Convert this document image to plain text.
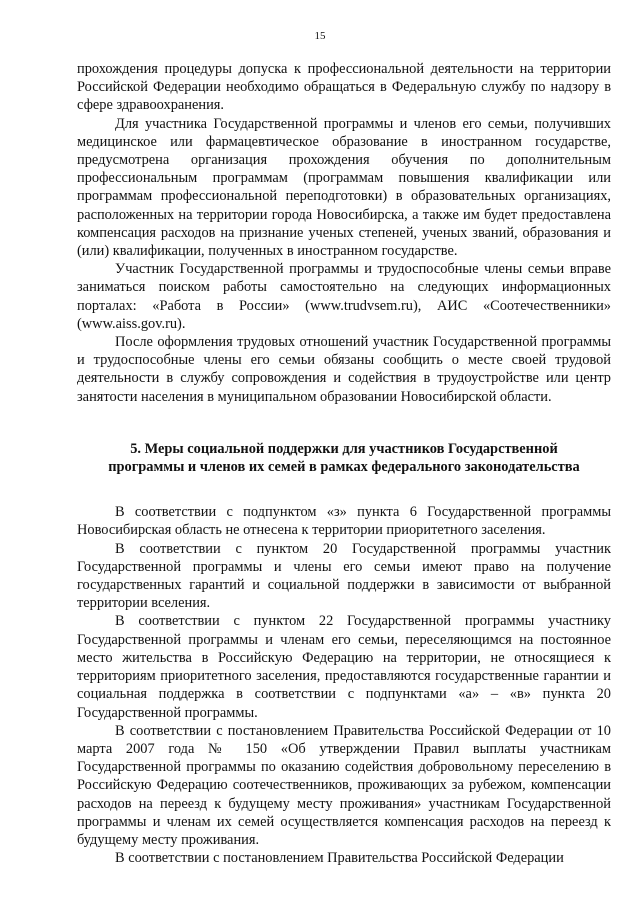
15

прохождения процедуры допуска к профессиональной деятельности на территории Российской Федерации необходимо обращаться в Федеральную службу по надзору в сфере здравоохранения.

Для участника Государственной программы и членов его семьи, получивших медицинское или фармацевтическое образование в иностранном государстве, предусмотрена организация прохождения обучения по дополнительным профессиональным программам (программам повышения квалификации или программам профессиональной переподготовки) в образовательных организациях, расположенных на территории города Новосибирска, а также им будет предоставлена компенсация расходов на признание ученых степеней, ученых званий, образования и (или) квалификации, полученных в иностранном государстве.

Участник Государственной программы и трудоспособные члены семьи вправе заниматься поиском работы самостоятельно на следующих информационных порталах: «Работа в России» (www.trudvsem.ru), АИС «Соотечественники» (www.aiss.gov.ru).

После оформления трудовых отношений участник Государственной программы и трудоспособные члены его семьи обязаны сообщить о месте своей трудовой деятельности в службу сопровождения и содействия в трудоустройстве или центр занятости населения в муниципальном образовании Новосибирской области.

5. Меры социальной поддержки для участников Государственной
программы и членов их семей в рамках федерального законодательства

В соответствии с подпунктом «з» пункта 6 Государственной программы Новосибирская область не отнесена к территории приоритетного заселения.

В соответствии с пунктом 20 Государственной программы участник Государственной программы и члены его семьи имеют право на получение государственных гарантий и социальной поддержки в зависимости от выбранной территории вселения.

В соответствии с пунктом 22 Государственной программы участнику Государственной программы и членам его семьи, переселяющимся на постоянное место жительства в Российскую Федерацию на территории, не относящиеся к территориям приоритетного заселения, предоставляются государственные гарантии и социальная поддержка в соответствии с подпунктами «а» – «в» пункта 20 Государственной программы.

В соответствии с постановлением Правительства Российской Федерации от 10 марта 2007 года № 150 «Об утверждении Правил выплаты участникам Государственной программы по оказанию содействия добровольному переселению в Российскую Федерацию соотечественников, проживающих за рубежом, компенсации расходов на переезд к будущему месту проживания» участникам Государственной программы и членам их семей осуществляется компенсация расходов на переезд к будущему месту проживания.

В соответствии с постановлением Правительства Российской Федерации
